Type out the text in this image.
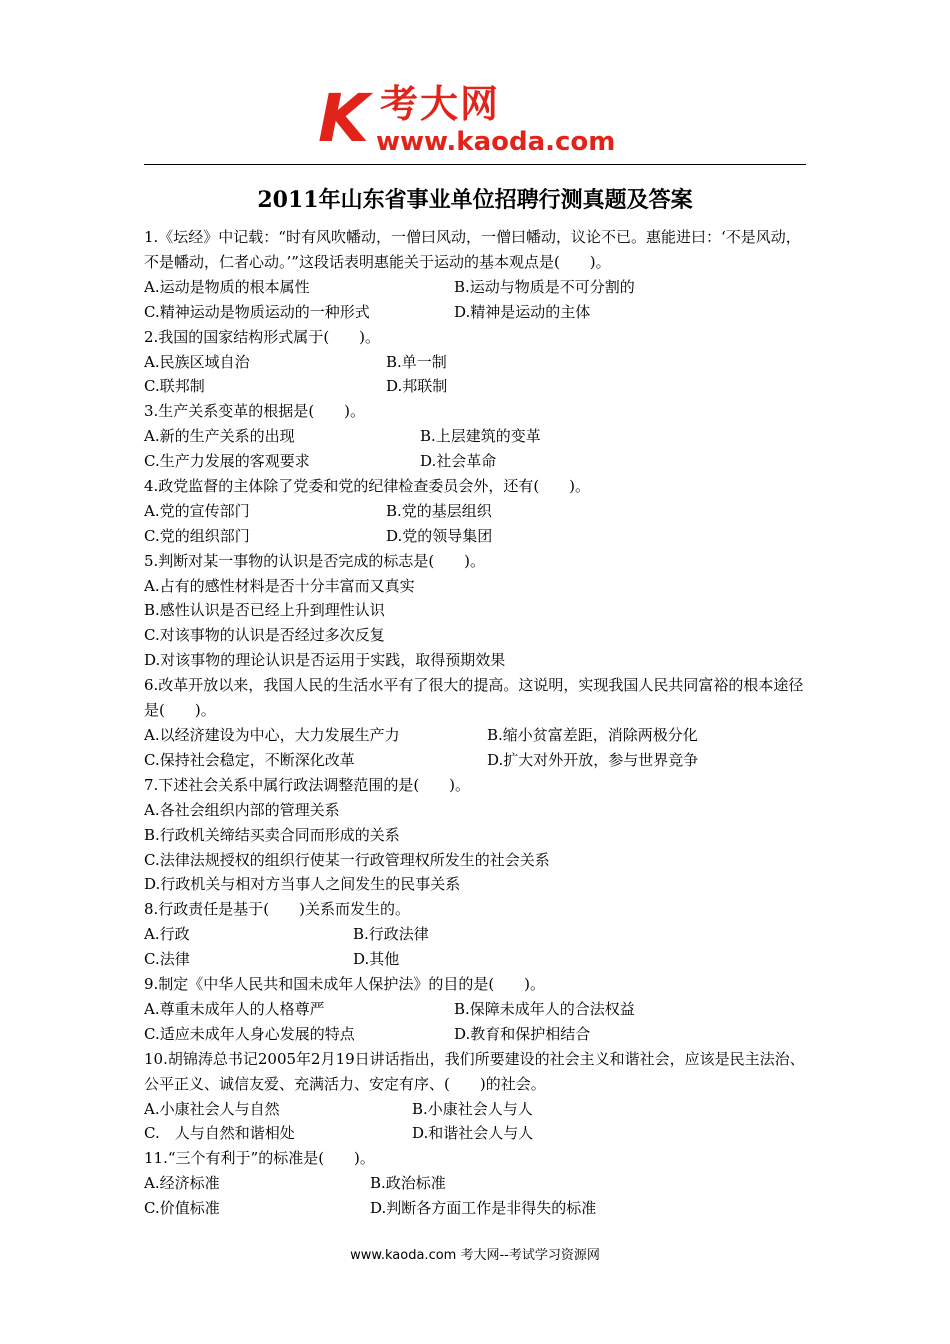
K 考大网
www.kaoda.com
2011年山东省事业单位招聘行测真题及答案

1.《坛经》中记载：“时有风吹幡动，一僧曰风动，一僧曰幡动，议论不已。惠能进曰：‘不是风动，不是幡动，仁者心动。’”这段话表明惠能关于运动的基本观点是(　　)。

A.运动是物质的根本属性	B.运动与物质是不可分割的
C.精神运动是物质运动的一种形式	D.精神是运动的主体

2.我国的国家结构形式属于(　　)。

A.民族区域自治	B.单一制
C.联邦制	D.邦联制

3.生产关系变革的根据是(　　)。

A.新的生产关系的出现	B.上层建筑的变革
C.生产力发展的客观要求	D.社会革命

4.政党监督的主体除了党委和党的纪律检查委员会外，还有(　　)。

A.党的宣传部门	B.党的基层组织
C.党的组织部门	D.党的领导集团

5.判断对某一事物的认识是否完成的标志是(　　)。

A.占有的感性材料是否十分丰富而又真实

B.感性认识是否已经上升到理性认识

C.对该事物的认识是否经过多次反复

D.对该事物的理论认识是否运用于实践，取得预期效果

6.改革开放以来，我国人民的生活水平有了很大的提高。这说明，实现我国人民共同富裕的根本途径是(　　)。

A.以经济建设为中心，大力发展生产力	B.缩小贫富差距，消除两极分化
C.保持社会稳定，不断深化改革	D.扩大对外开放，参与世界竞争

7.下述社会关系中属行政法调整范围的是(　　)。

A.各社会组织内部的管理关系

B.行政机关缔结买卖合同而形成的关系

C.法律法规授权的组织行使某一行政管理权所发生的社会关系

D.行政机关与相对方当事人之间发生的民事关系

8.行政责任是基于(　　)关系而发生的。

A.行政	B.行政法律
C.法律	D.其他

9.制定《中华人民共和国未成年人保护法》的目的是(　　)。

A.尊重未成年人的人格尊严	B.保障未成年人的合法权益
C.适应未成年人身心发展的特点	D.教育和保护相结合

10.胡锦涛总书记2005年2月19日讲话指出，我们所要建设的社会主义和谐社会，应该是民主法治、公平正义、诚信友爱、充满活力、安定有序、(　　)的社会。

A.小康社会人与自然	B.小康社会人与人
C.　人与自然和谐相处	D.和谐社会人与人

11.“三个有利于”的标准是(　　)。

A.经济标准	B.政治标准
C.价值标准	D.判断各方面工作是非得失的标准
www.kaoda.com 考大网--考试学习资源网
